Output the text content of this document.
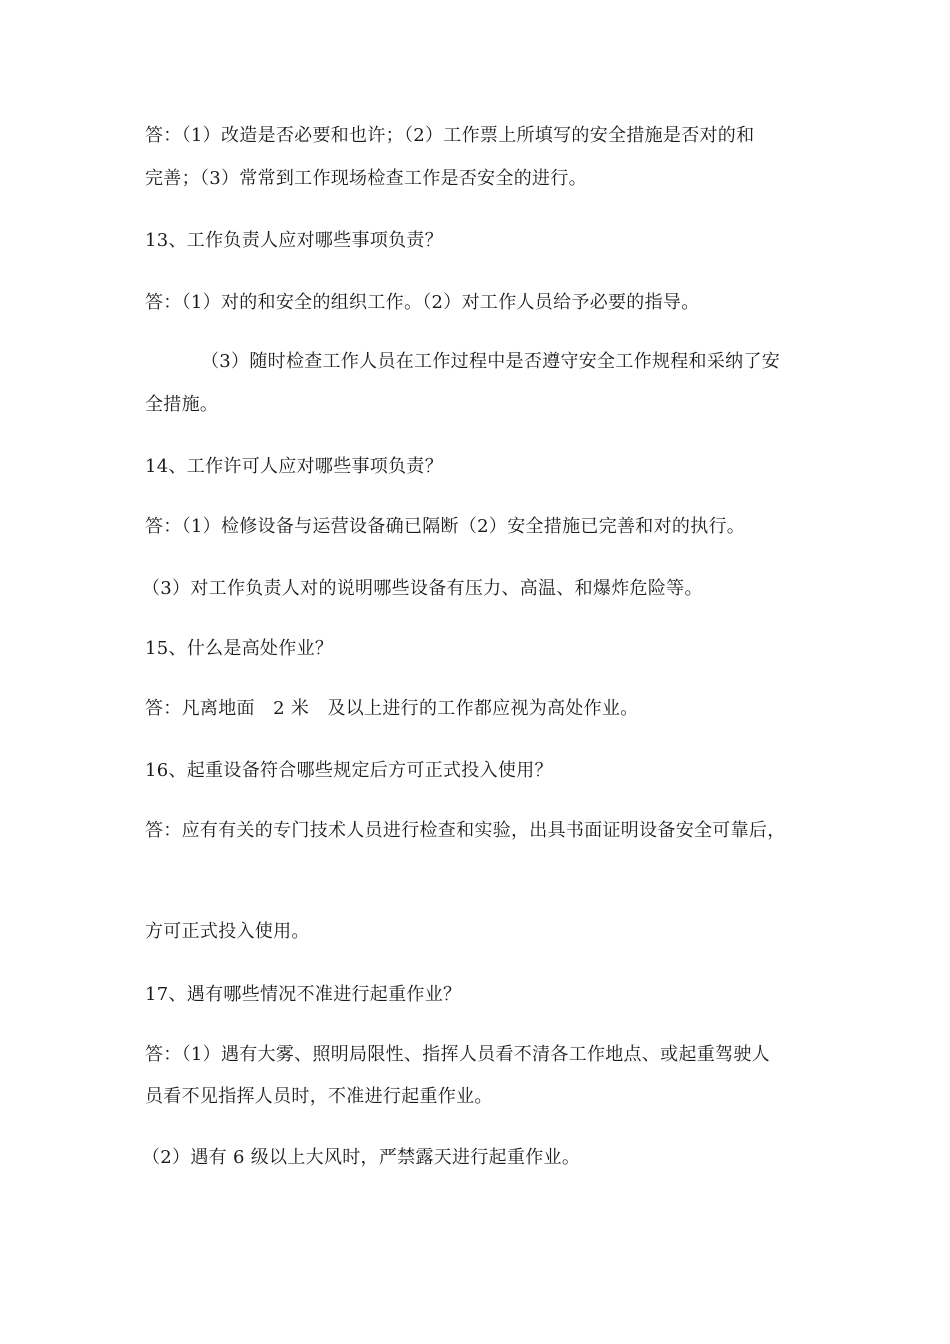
答：（1）改造是否必要和也许；（2）工作票上所填写的安全措施是否对的和
完善；（3）常常到工作现场检查工作是否安全的进行。
13、工作负责人应对哪些事项负责？
答：（1）对的和安全的组织工作。（2）对工作人员给予必要的指导。
（3）随时检查工作人员在工作过程中是否遵守安全工作规程和采纳了安
全措施。
14、工作许可人应对哪些事项负责？
答：（1）检修设备与运营设备确已隔断（2）安全措施已完善和对的执行。
（3）对工作负责人对的说明哪些设备有压力、高温、和爆炸危险等。
15、什么是高处作业？
答：凡离地面　2 米　及以上进行的工作都应视为高处作业。
16、起重设备符合哪些规定后方可正式投入使用？
答：应有有关的专门技术人员进行检查和实验，出具书面证明设备安全可靠后，
方可正式投入使用。
17、遇有哪些情况不准进行起重作业？
答：（1）遇有大雾、照明局限性、指挥人员看不清各工作地点、或起重驾驶人
员看不见指挥人员时，不准进行起重作业。
（2）遇有 6 级以上大风时，严禁露天进行起重作业。
